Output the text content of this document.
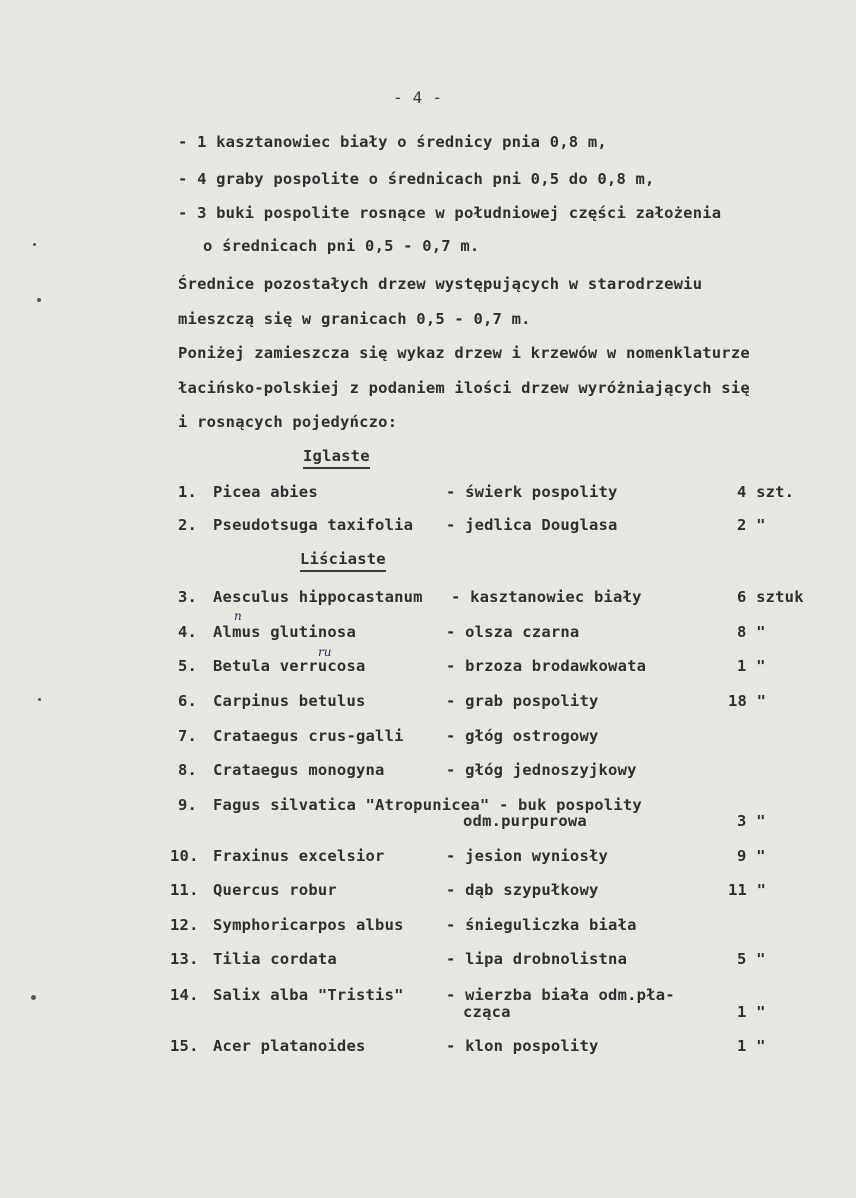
- 4 -
- 1 kasztanowiec biały o średnicy pnia 0,8 m,
- 4 graby pospolite o średnicach pni 0,5 do 0,8 m,
- 3 buki pospolite rosnące w południowej części założenia
o średnicach pni 0,5 - 0,7 m.
Średnice pozostałych drzew występujących w starodrzewiu
mieszczą się w granicach 0,5 - 0,7 m.
Poniżej zamieszcza się wykaz drzew i krzewów w nomenklaturze
łacińsko-polskiej z podaniem ilości drzew wyróżniających się
i rosnących pojedyńczo:
Iglaste
1. Picea abies	- świerk pospolity	4 szt.
2. Pseudotsuga taxifolia - jedlica Douglasa	2 "
Liściaste
3. Aesculus hippocastanum - kasztanowiec biały	6 sztuk
n
4. Almus glutinosa	- olsza czarna	8 "
ru
5. Betula verrucosa	- brzoza brodawkowata	1 "
6. Carpinus betulus	- grab pospolity	18 "
7. Crataegus crus-galli	- głóg ostrogowy
8. Crataegus monogyna	- głóg jednoszyjkowy
9. Fagus silvatica "Atropunicea" - buk pospolity
odm.purpurowa	3 "
10. Fraxinus excelsior	- jesion wyniosły	9 "
11. Quercus robur	- dąb szypułkowy	11 "
12. Symphoricarpos albus	- śnieguliczka biała
13. Tilia cordata	- lipa drobnolistna	5 "
14. Salix alba "Tristis"	- wierzba biała odm.pła-
cząca	1 "
15. Acer platanoides	- klon pospolity	1 "
